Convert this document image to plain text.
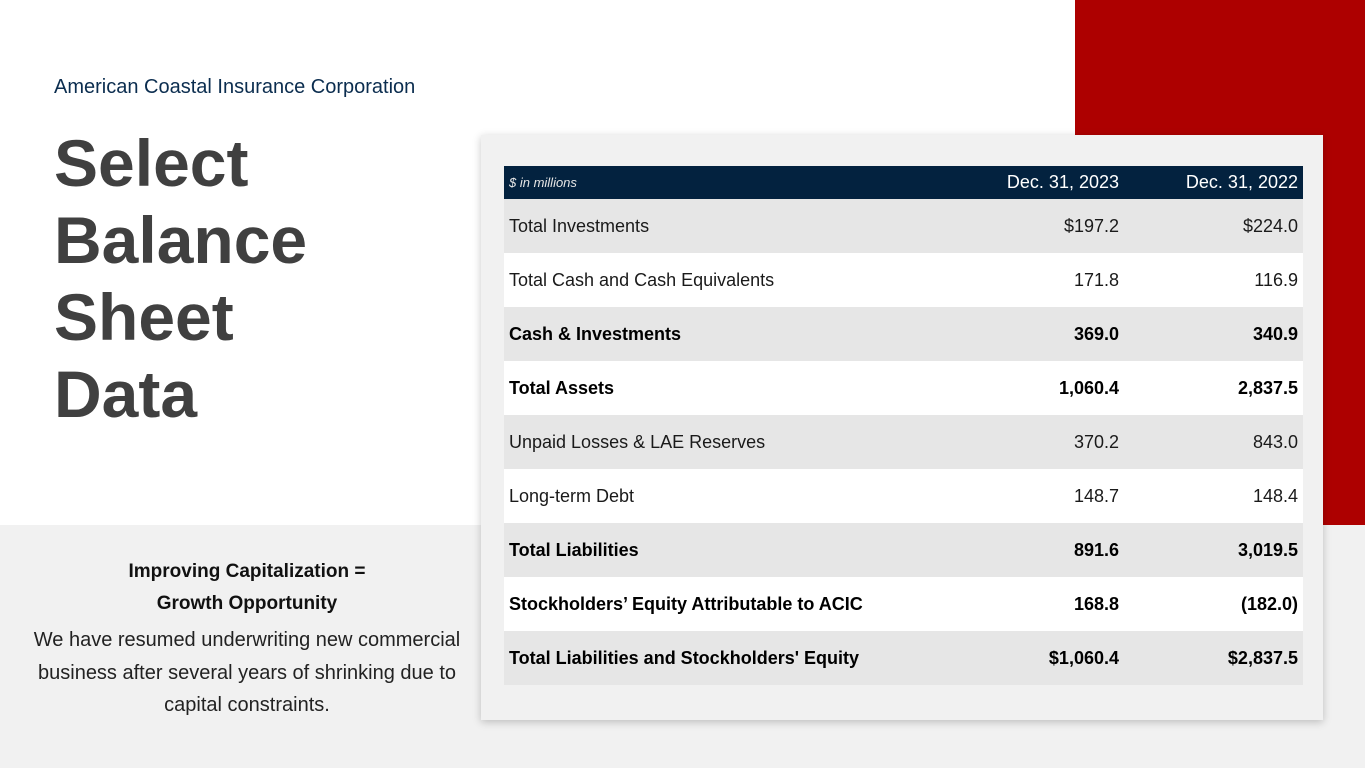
American Coastal Insurance Corporation

Select
Balance
Sheet
Data

Improving Capitalization =
Growth Opportunity

We have resumed underwriting new commercial business after several years of shrinking due to capital constraints.

$ in millions	Dec. 31, 2023	Dec. 31, 2022
Total Investments	$197.2	$224.0
Total Cash and Cash Equivalents	171.8	116.9
Cash & Investments	369.0	340.9
Total Assets	1,060.4	2,837.5
Unpaid Losses & LAE Reserves	370.2	843.0
Long-term Debt	148.7	148.4
Total Liabilities	891.6	3,019.5
Stockholders’ Equity Attributable to ACIC	168.8	(182.0)
Total Liabilities and Stockholders' Equity	$1,060.4	$2,837.5
